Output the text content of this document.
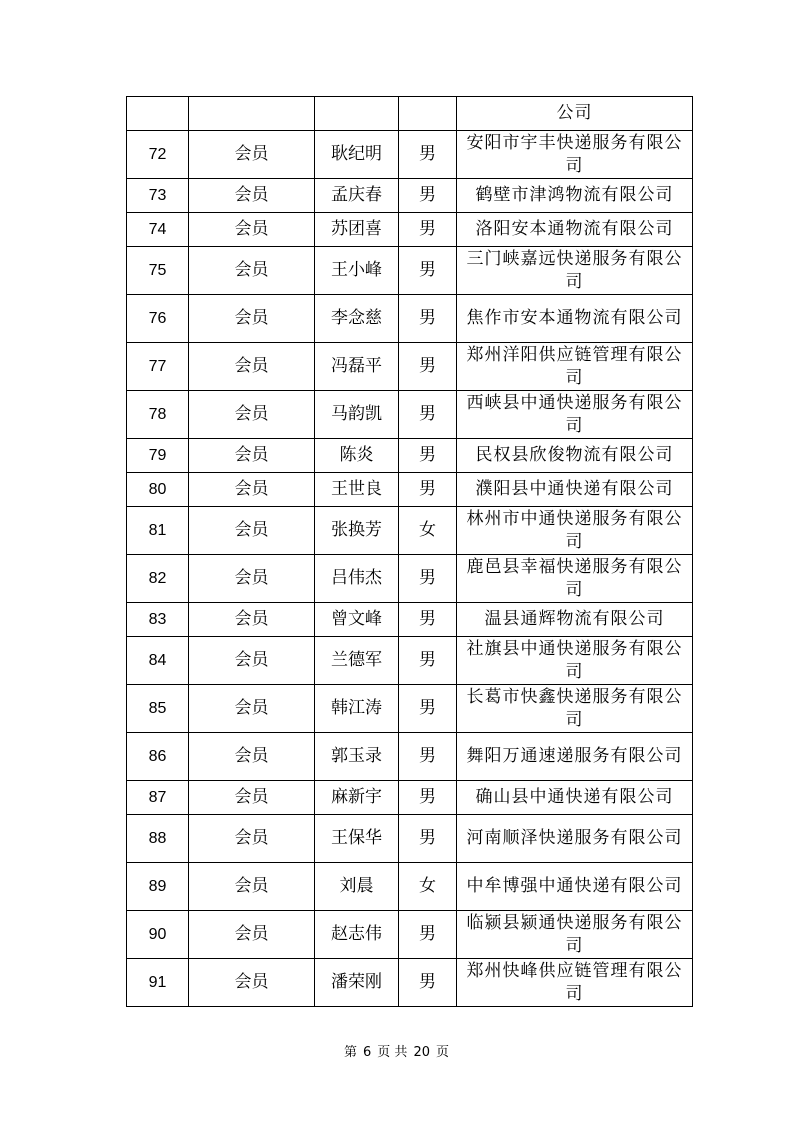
				公司
72	会员	耿纪明	男	安阳市宇丰快递服务有限公司
73	会员	孟庆春	男	鹤壁市津鸿物流有限公司
74	会员	苏团喜	男	洛阳安本通物流有限公司
75	会员	王小峰	男	三门峡嘉远快递服务有限公司
76	会员	李念慈	男	焦作市安本通物流有限公司
77	会员	冯磊平	男	郑州洋阳供应链管理有限公司
78	会员	马韵凯	男	西峡县中通快递服务有限公司
79	会员	陈炎	男	民权县欣俊物流有限公司
80	会员	王世良	男	濮阳县中通快递有限公司
81	会员	张换芳	女	林州市中通快递服务有限公司
82	会员	吕伟杰	男	鹿邑县幸福快递服务有限公司
83	会员	曾文峰	男	温县通辉物流有限公司
84	会员	兰德军	男	社旗县中通快递服务有限公司
85	会员	韩江涛	男	长葛市快鑫快递服务有限公司
86	会员	郭玉录	男	舞阳万通速递服务有限公司
87	会员	麻新宇	男	确山县中通快递有限公司
88	会员	王保华	男	河南顺泽快递服务有限公司
89	会员	刘晨	女	中牟博强中通快递有限公司
90	会员	赵志伟	男	临颍县颍通快递服务有限公司
91	会员	潘荣刚	男	郑州快峰供应链管理有限公司
第 6 页 共 20 页
